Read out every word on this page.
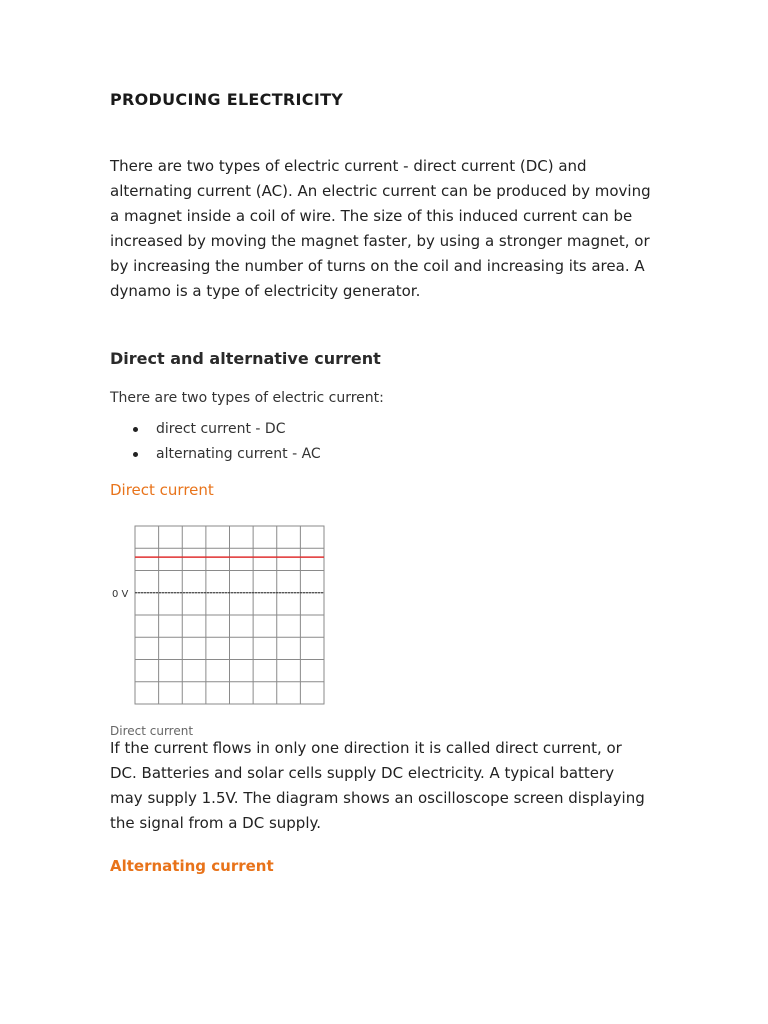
PRODUCING ELECTRICITY

There are two types of electric current - direct current (DC) and alternating current (AC). An electric current can be produced by moving a magnet inside a coil of wire. The size of this induced current can be increased by moving the magnet faster, by using a stronger magnet, or by increasing the number of turns on the coil and increasing its area. A dynamo is a type of electricity generator.

Direct and alternative current

There are two types of electric current:

direct current - DC
alternating current - AC
Direct current
0 V

Direct current

If the current flows in only one direction it is called direct current, or DC. Batteries and solar cells supply DC electricity. A typical battery may supply 1.5V. The diagram shows an oscilloscope screen displaying the signal from a DC supply.

Alternating current
